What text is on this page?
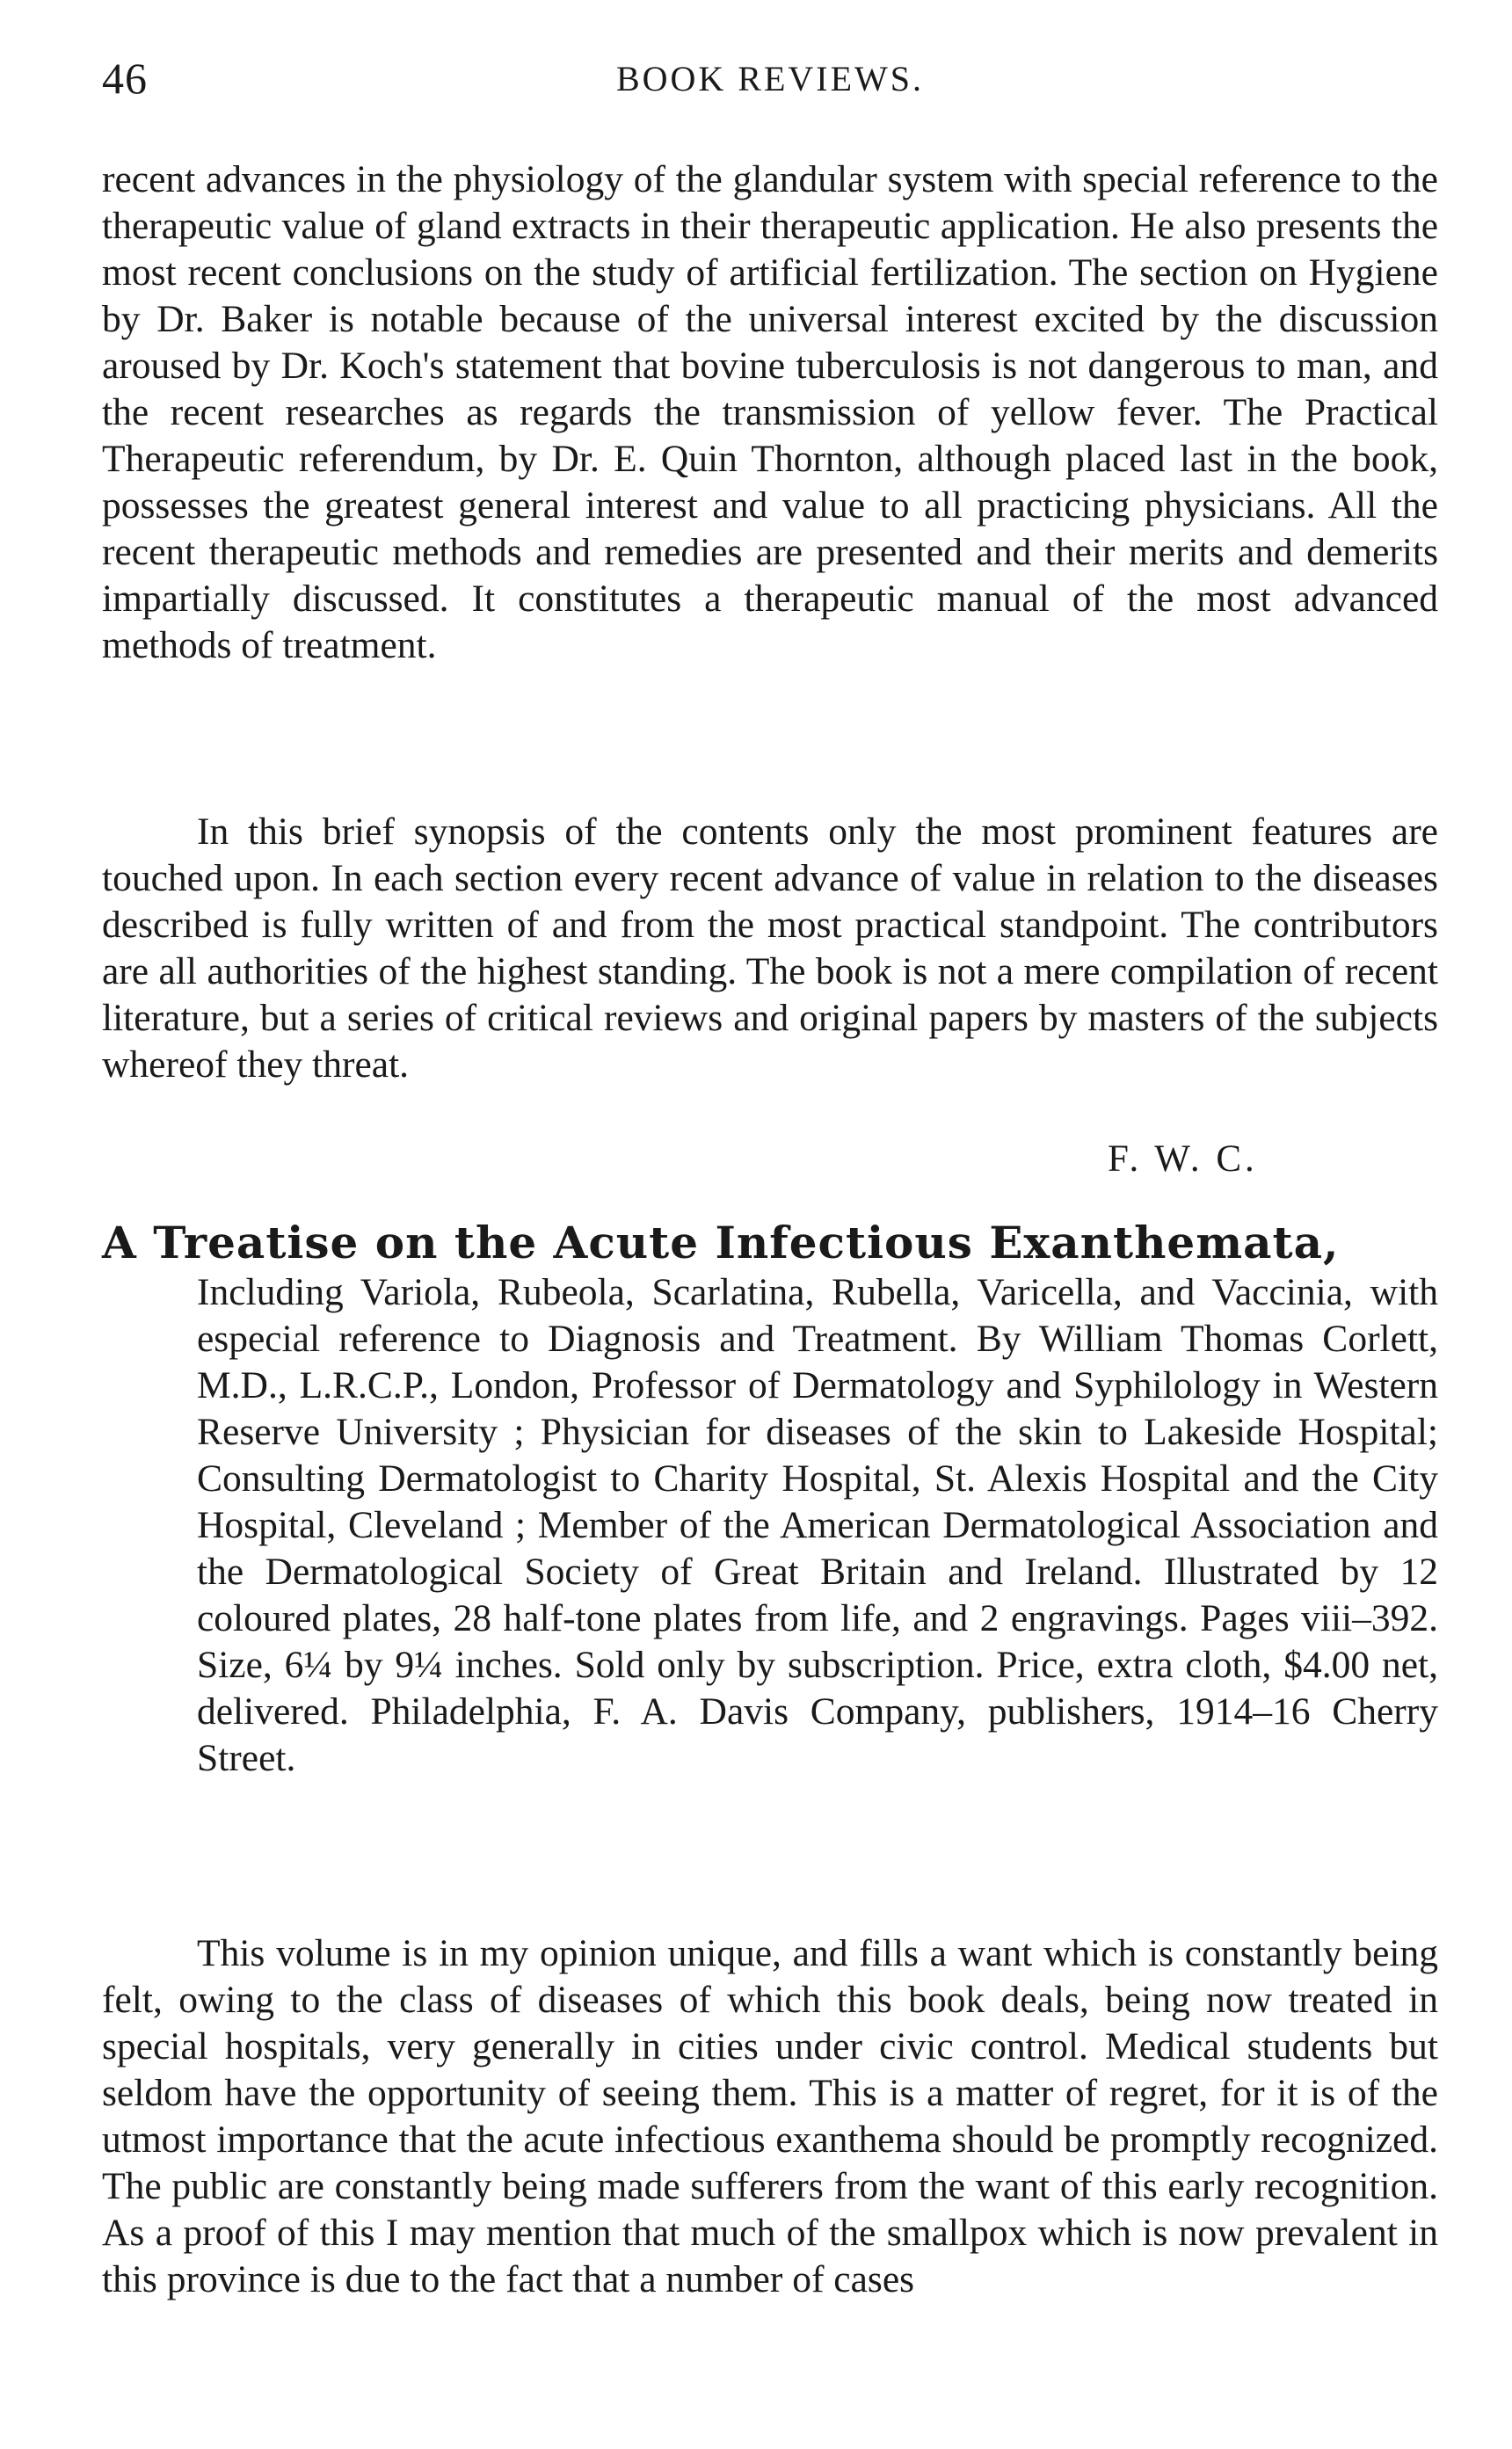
46	BOOK REVIEWS.

recent advances in the physiology of the glandular system with special reference to the therapeutic value of gland extracts in their therapeutic application. He also presents the most recent conclusions on the study of artificial fertilization. The section on Hygiene by Dr. Baker is notable because of the universal interest excited by the discussion aroused by Dr. Koch's statement that bovine tuberculosis is not dangerous to man, and the recent researches as regards the transmission of yellow fever. The Practical Therapeutic referendum, by Dr. E. Quin Thornton, although placed last in the book, possesses the greatest general interest and value to all practicing physicians. All the recent therapeutic methods and remedies are presented and their merits and demerits impartially discussed. It constitutes a therapeutic manual of the most advanced methods of treatment.

In this brief synopsis of the contents only the most prominent features are touched upon. In each section every recent advance of value in relation to the diseases described is fully written of and from the most practical standpoint. The contributors are all authorities of the highest standing. The book is not a mere compilation of recent literature, but a series of critical reviews and original papers by masters of the subjects whereof they threat.

F. W. C.
A Treatise on the Acute Infectious Exanthemata,
Including Variola, Rubeola, Scarlatina, Rubella, Varicella, and Vaccinia, with especial reference to Diagnosis and Treatment. By William Thomas Corlett, M.D., L.R.C.P., London, Professor of Dermatology and Syphilology in Western Reserve University ; Physician for diseases of the skin to Lakeside Hospital; Consulting Dermatologist to Charity Hospital, St. Alexis Hospital and the City Hospital, Cleveland ; Member of the American Dermatological Association and the Dermatological Society of Great Britain and Ireland. Illustrated by 12 coloured plates, 28 half-tone plates from life, and 2 engravings. Pages viii–392. Size, 6¼ by 9¼ inches. Sold only by subscription. Price, extra cloth, $4.00 net, delivered. Philadelphia, F. A. Davis Company, publishers, 1914–16 Cherry Street.

This volume is in my opinion unique, and fills a want which is constantly being felt, owing to the class of diseases of which this book deals, being now treated in special hospitals, very generally in cities under civic control. Medical students but seldom have the opportunity of seeing them. This is a matter of regret, for it is of the utmost importance that the acute infectious exanthema should be promptly recognized. The public are constantly being made sufferers from the want of this early recognition. As a proof of this I may mention that much of the smallpox which is now prevalent in this province is due to the fact that a number of cases
